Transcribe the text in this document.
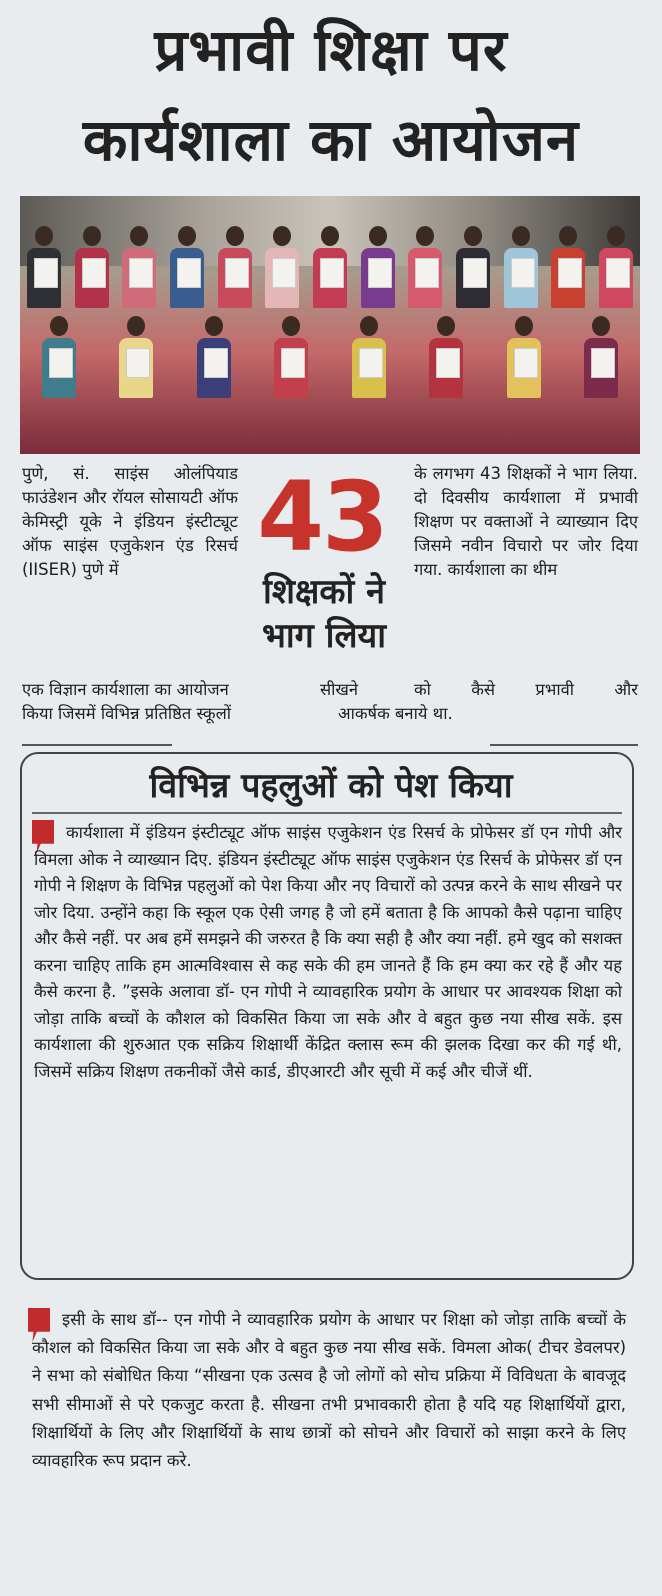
प्रभावी शिक्षा पर
कार्यशाला का आयोजन
पुणे, सं. साइंस ओलंपियाड फाउंडेशन और रॉयल सोसायटी ऑफ केमिस्ट्री यूके ने इंडियन इंस्टीट्यूट ऑफ साइंस एजुकेशन एंड रिसर्च (IISER) पुणे में	43
शिक्षकों ने
भाग लिया
के लगभग 43 शिक्षकों ने भाग लिया. दो दिवसीय कार्यशाला में प्रभावी शिक्षण पर वक्ताओं ने व्याख्यान दिए जिसमे नवीन विचारो पर जोर दिया गया. कार्यशाला का थीम
एक विज्ञान कार्यशाला का आयोजन	सीखने	को कैसे प्रभावी और
किया जिसमें विभिन्न प्रतिष्ठित स्कूलों	आकर्षक बनाये था.
विभिन्न पहलुओं को पेश किया
कार्यशाला में इंडियन इंस्टीट्यूट ऑफ साइंस एजुकेशन एंड रिसर्च के प्रोफेसर डॉ एन गोपी और विमला ओक ने व्याख्यान दिए. इंडियन इंस्टीट्यूट ऑफ साइंस एजुकेशन एंड रिसर्च के प्रोफेसर डॉ एन गोपी ने शिक्षण के विभिन्न पहलुओं को पेश किया और नए विचारों को उत्पन्न करने के साथ सीखने पर जोर दिया. उन्होंने कहा कि स्कूल एक ऐसी जगह है जो हमें बताता है कि आपको कैसे पढ़ाना चाहिए और कैसे नहीं. पर अब हमें समझने की जरुरत है कि क्या सही है और क्या नहीं. हमे खुद को सशक्त करना चाहिए ताकि हम आत्मविश्वास से कह सके की हम जानते हैं कि हम क्या कर रहे हैं और यह कैसे करना है. ”इसके अलावा डॉ- एन गोपी ने व्यावहारिक प्रयोग के आधार पर आवश्यक शिक्षा को जोड़ा ताकि बच्चों के कौशल को विकसित किया जा सके और वे बहुत कुछ नया सीख सकें. इस कार्यशाला की शुरुआत एक सक्रिय शिक्षार्थी केंद्रित क्लास रूम की झलक दिखा कर की गई थी, जिसमें सक्रिय शिक्षण तकनीकों जैसे कार्ड, डीएआरटी और सूची में कई और चीजें थीं.
इसी के साथ डॉ-- एन गोपी ने व्यावहारिक प्रयोग के आधार पर शिक्षा को जोड़ा ताकि बच्चों के कौशल को विकसित किया जा सके और वे बहुत कुछ नया सीख सकें. विमला ओक( टीचर डेवलपर) ने सभा को संबोधित किया “सीखना एक उत्सव है जो लोगों को सोच प्रक्रिया में विविधता के बावजूद सभी सीमाओं से परे एकजुट करता है. सीखना तभी प्रभावकारी होता है यदि यह शिक्षार्थियों द्वारा, शिक्षार्थियों के लिए और शिक्षार्थियों के साथ छात्रों को सोचने और विचारों को साझा करने के लिए व्यावहारिक रूप प्रदान करे.
